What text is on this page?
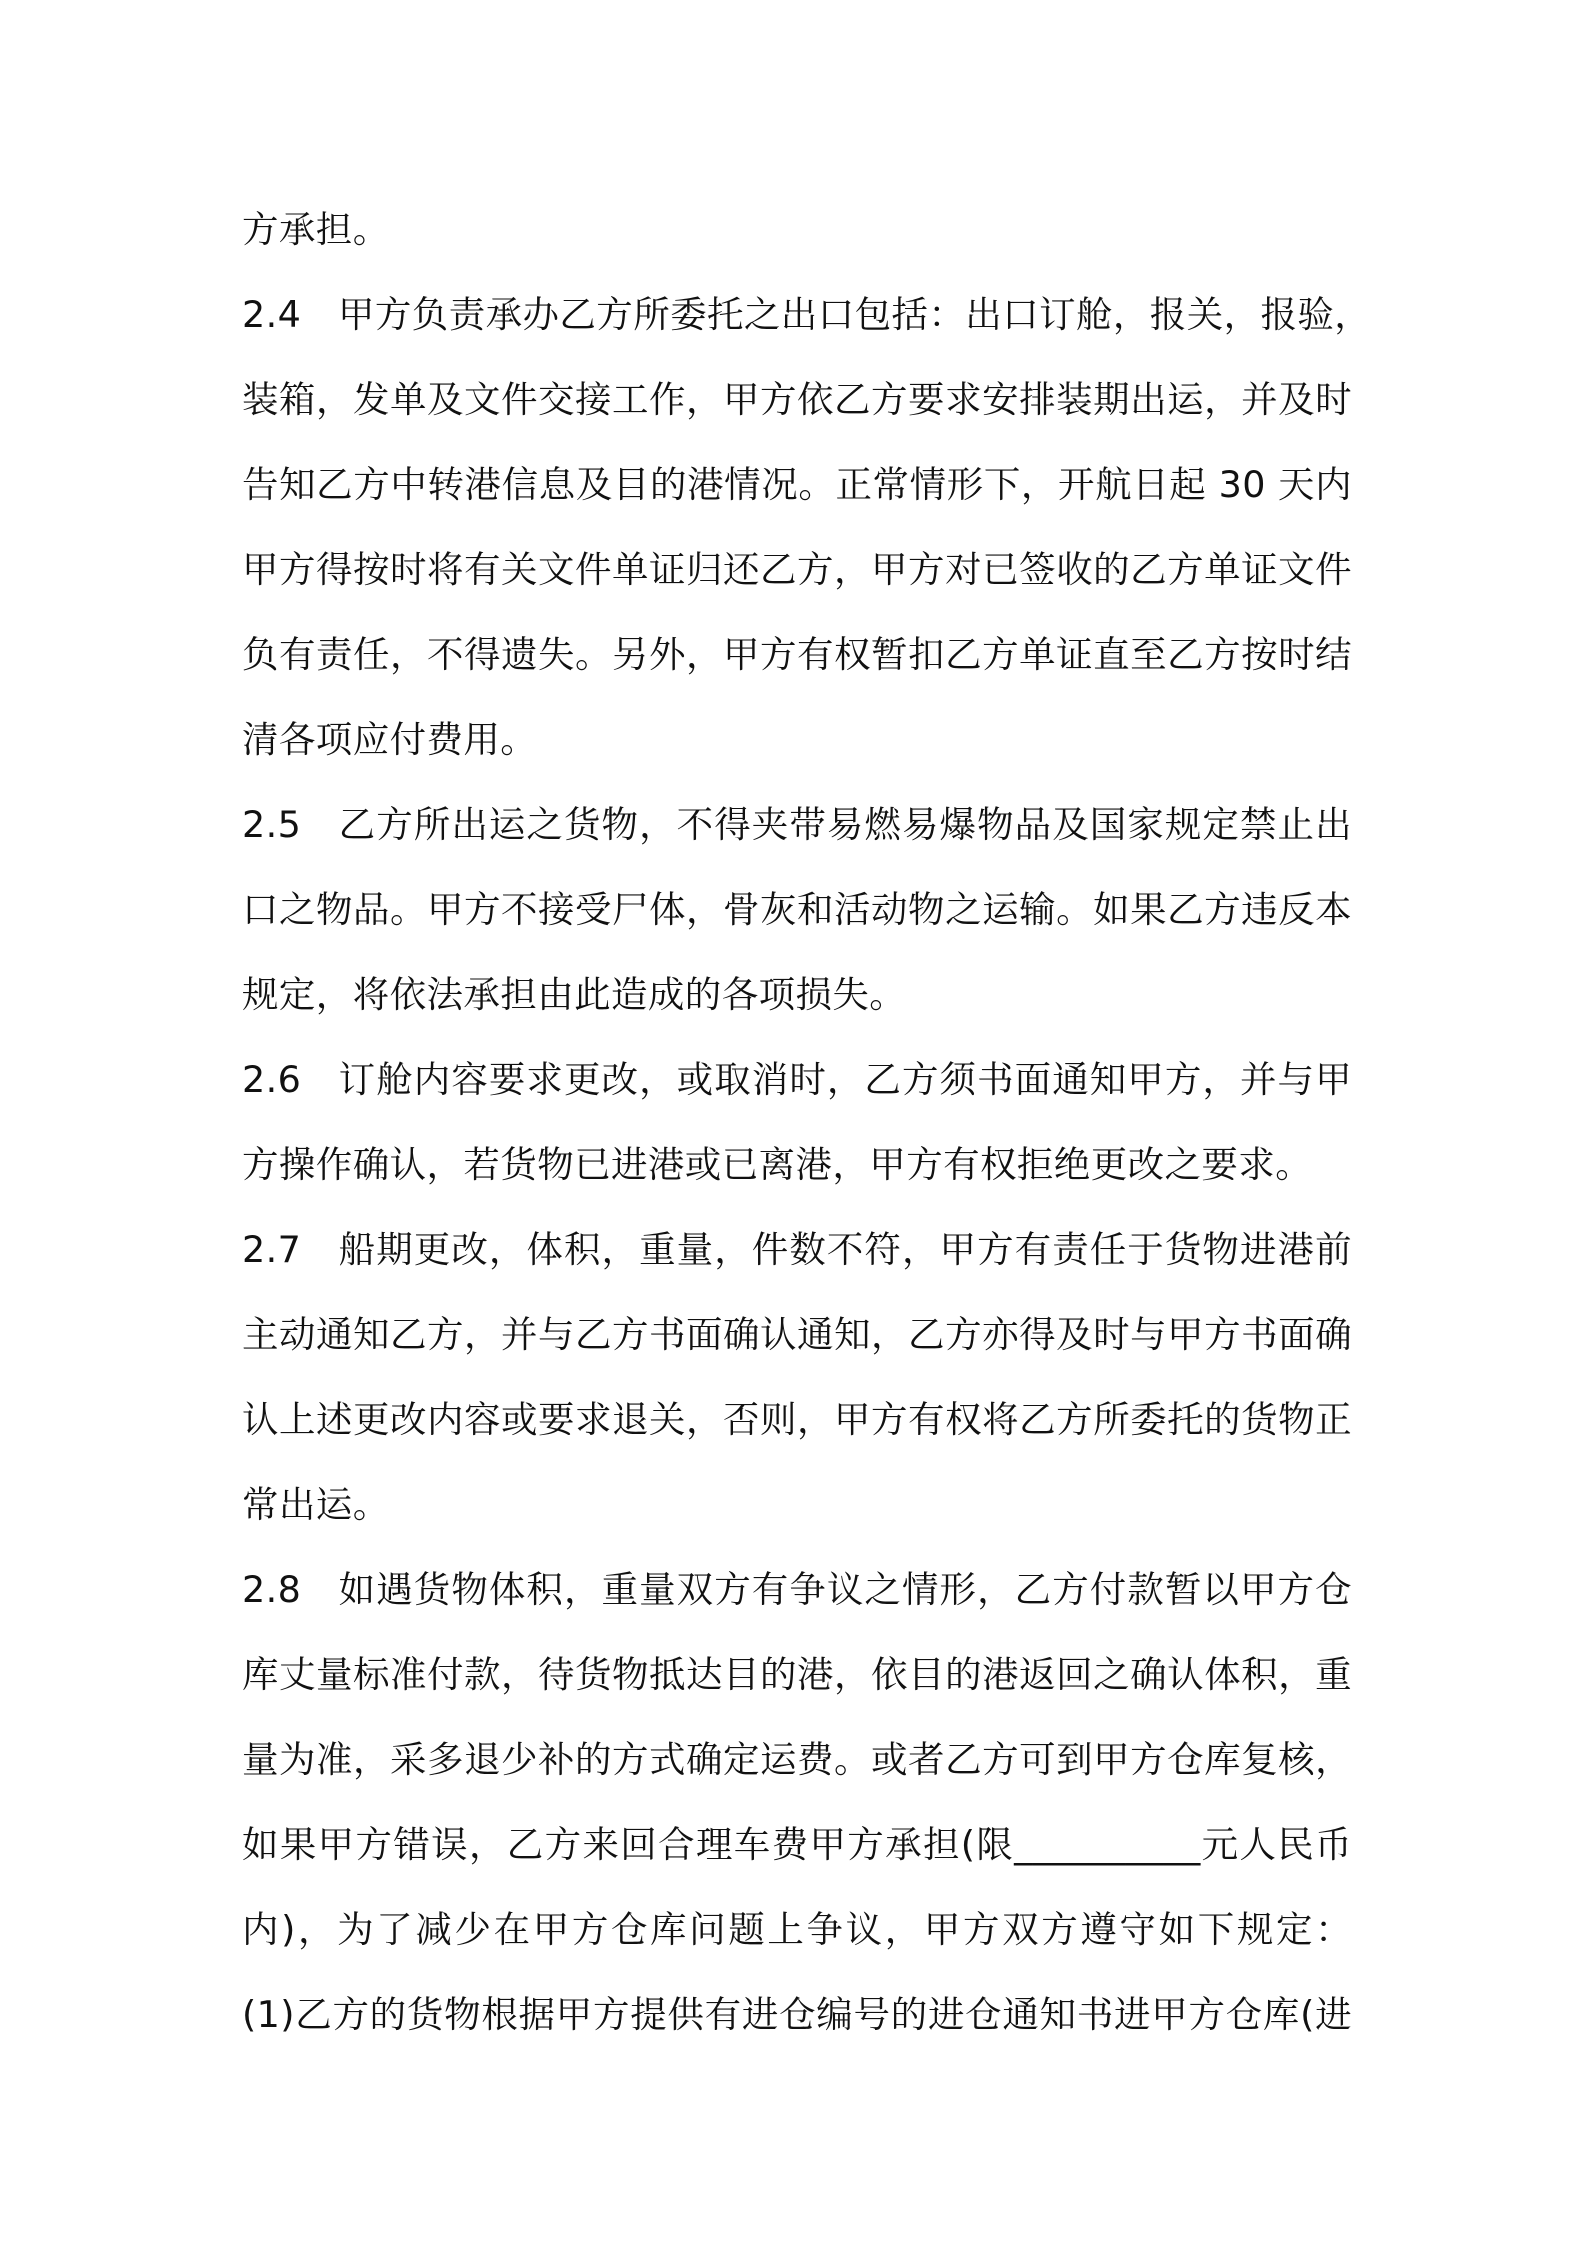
方承担。
2.4 甲方负责承办乙方所委托之出口包括：出口订舱，报关，报验，
装箱，发单及文件交接工作，甲方依乙方要求安排装期出运，并及时
告知乙方中转港信息及目的港情况。正常情形下，开航日起 30 天内
甲方得按时将有关文件单证归还乙方，甲方对已签收的乙方单证文件
负有责任，不得遗失。另外，甲方有权暂扣乙方单证直至乙方按时结
清各项应付费用。
2.5 乙方所出运之货物，不得夹带易燃易爆物品及国家规定禁止出
口之物品。甲方不接受尸体，骨灰和活动物之运输。如果乙方违反本
规定，将依法承担由此造成的各项损失。
2.6 订舱内容要求更改，或取消时，乙方须书面通知甲方，并与甲
方操作确认，若货物已进港或已离港，甲方有权拒绝更改之要求。
2.7 船期更改，体积，重量，件数不符，甲方有责任于货物进港前
主动通知乙方，并与乙方书面确认通知，乙方亦得及时与甲方书面确
认上述更改内容或要求退关，否则，甲方有权将乙方所委托的货物正
常出运。
2.8 如遇货物体积，重量双方有争议之情形，乙方付款暂以甲方仓
库丈量标准付款，待货物抵达目的港，依目的港返回之确认体积，重
量为准，采多退少补的方式确定运费。或者乙方可到甲方仓库复核，
如果甲方错误，乙方来回合理车费甲方承担(限__________元人民币
内)，为了减少在甲方仓库问题上争议，甲方双方遵守如下规定：
(1)乙方的货物根据甲方提供有进仓编号的进仓通知书进甲方仓库(进
